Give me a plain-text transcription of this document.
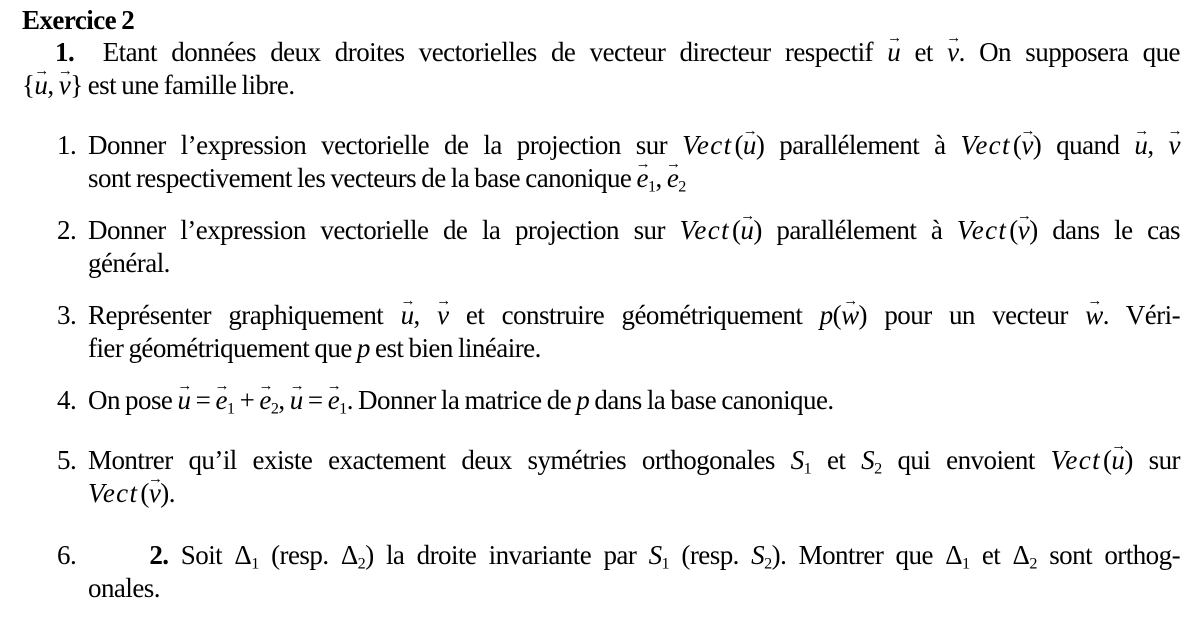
Exercice 2
1.  Etant données deux droites vectorielles de vecteur directeur respectif → u et → v. On supposera que
{→ u, → v} est une famille libre.
1. Donner l’expression vectorielle de la projection sur Vect(→ u) parallélement à Vect(→ v) quand → u, → v
sont respectivement les vecteurs de la base canonique → $e_1$, → $e_2$
2. Donner l’expression vectorielle de la projection sur Vect(→ u) parallélement à Vect(→ v) dans le cas
général.
3. Représenter graphiquement → u, → v et construire géométriquement p(→ w) pour un vecteur → w. Véri-
fier géométriquement que p est bien linéaire.
4. On pose → u = → $e_1$ + → $e_2$, → u = → $e_1$. Donner la matrice de p dans la base canonique.
5. Montrer qu’il existe exactement deux symétries orthogonales $S_1$ et $S_2$ qui envoient Vect(→ u) sur
Vect(→ v).
6.	2. Soit $\Delta_1$ (resp. $\Delta_2$) la droite invariante par $S_1$ (resp. $S_2$). Montrer que $\Delta_1$ et $\Delta_2$ sont orthog-
onales.
